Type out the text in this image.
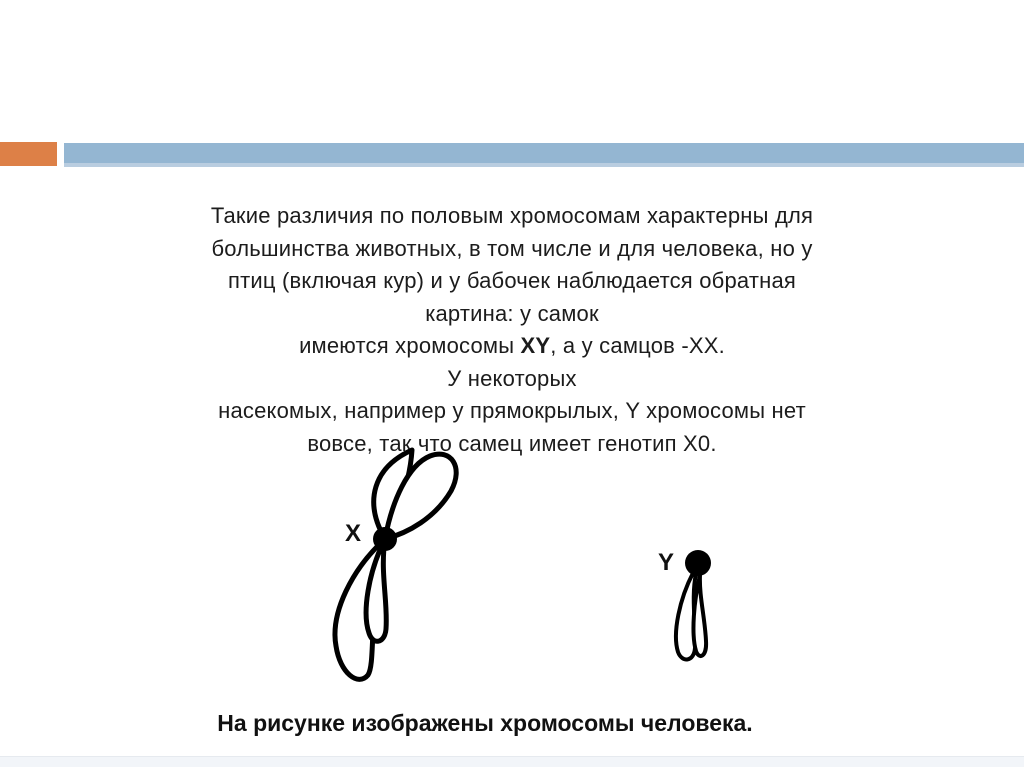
Такие различия по половым хромосомам характерны для
большинства животных, в том числе и для человека, но у
птиц (включая кур) и у бабочек наблюдается обратная
картина: у самок
имеются хромосомы XY, а у самцов -XX.
У некоторых
насекомых, например у прямокрылых, Y хромосомы нет
вовсе, так что самец имеет генотип X0.
X
Y
На рисунке изображены хромосомы человека.
